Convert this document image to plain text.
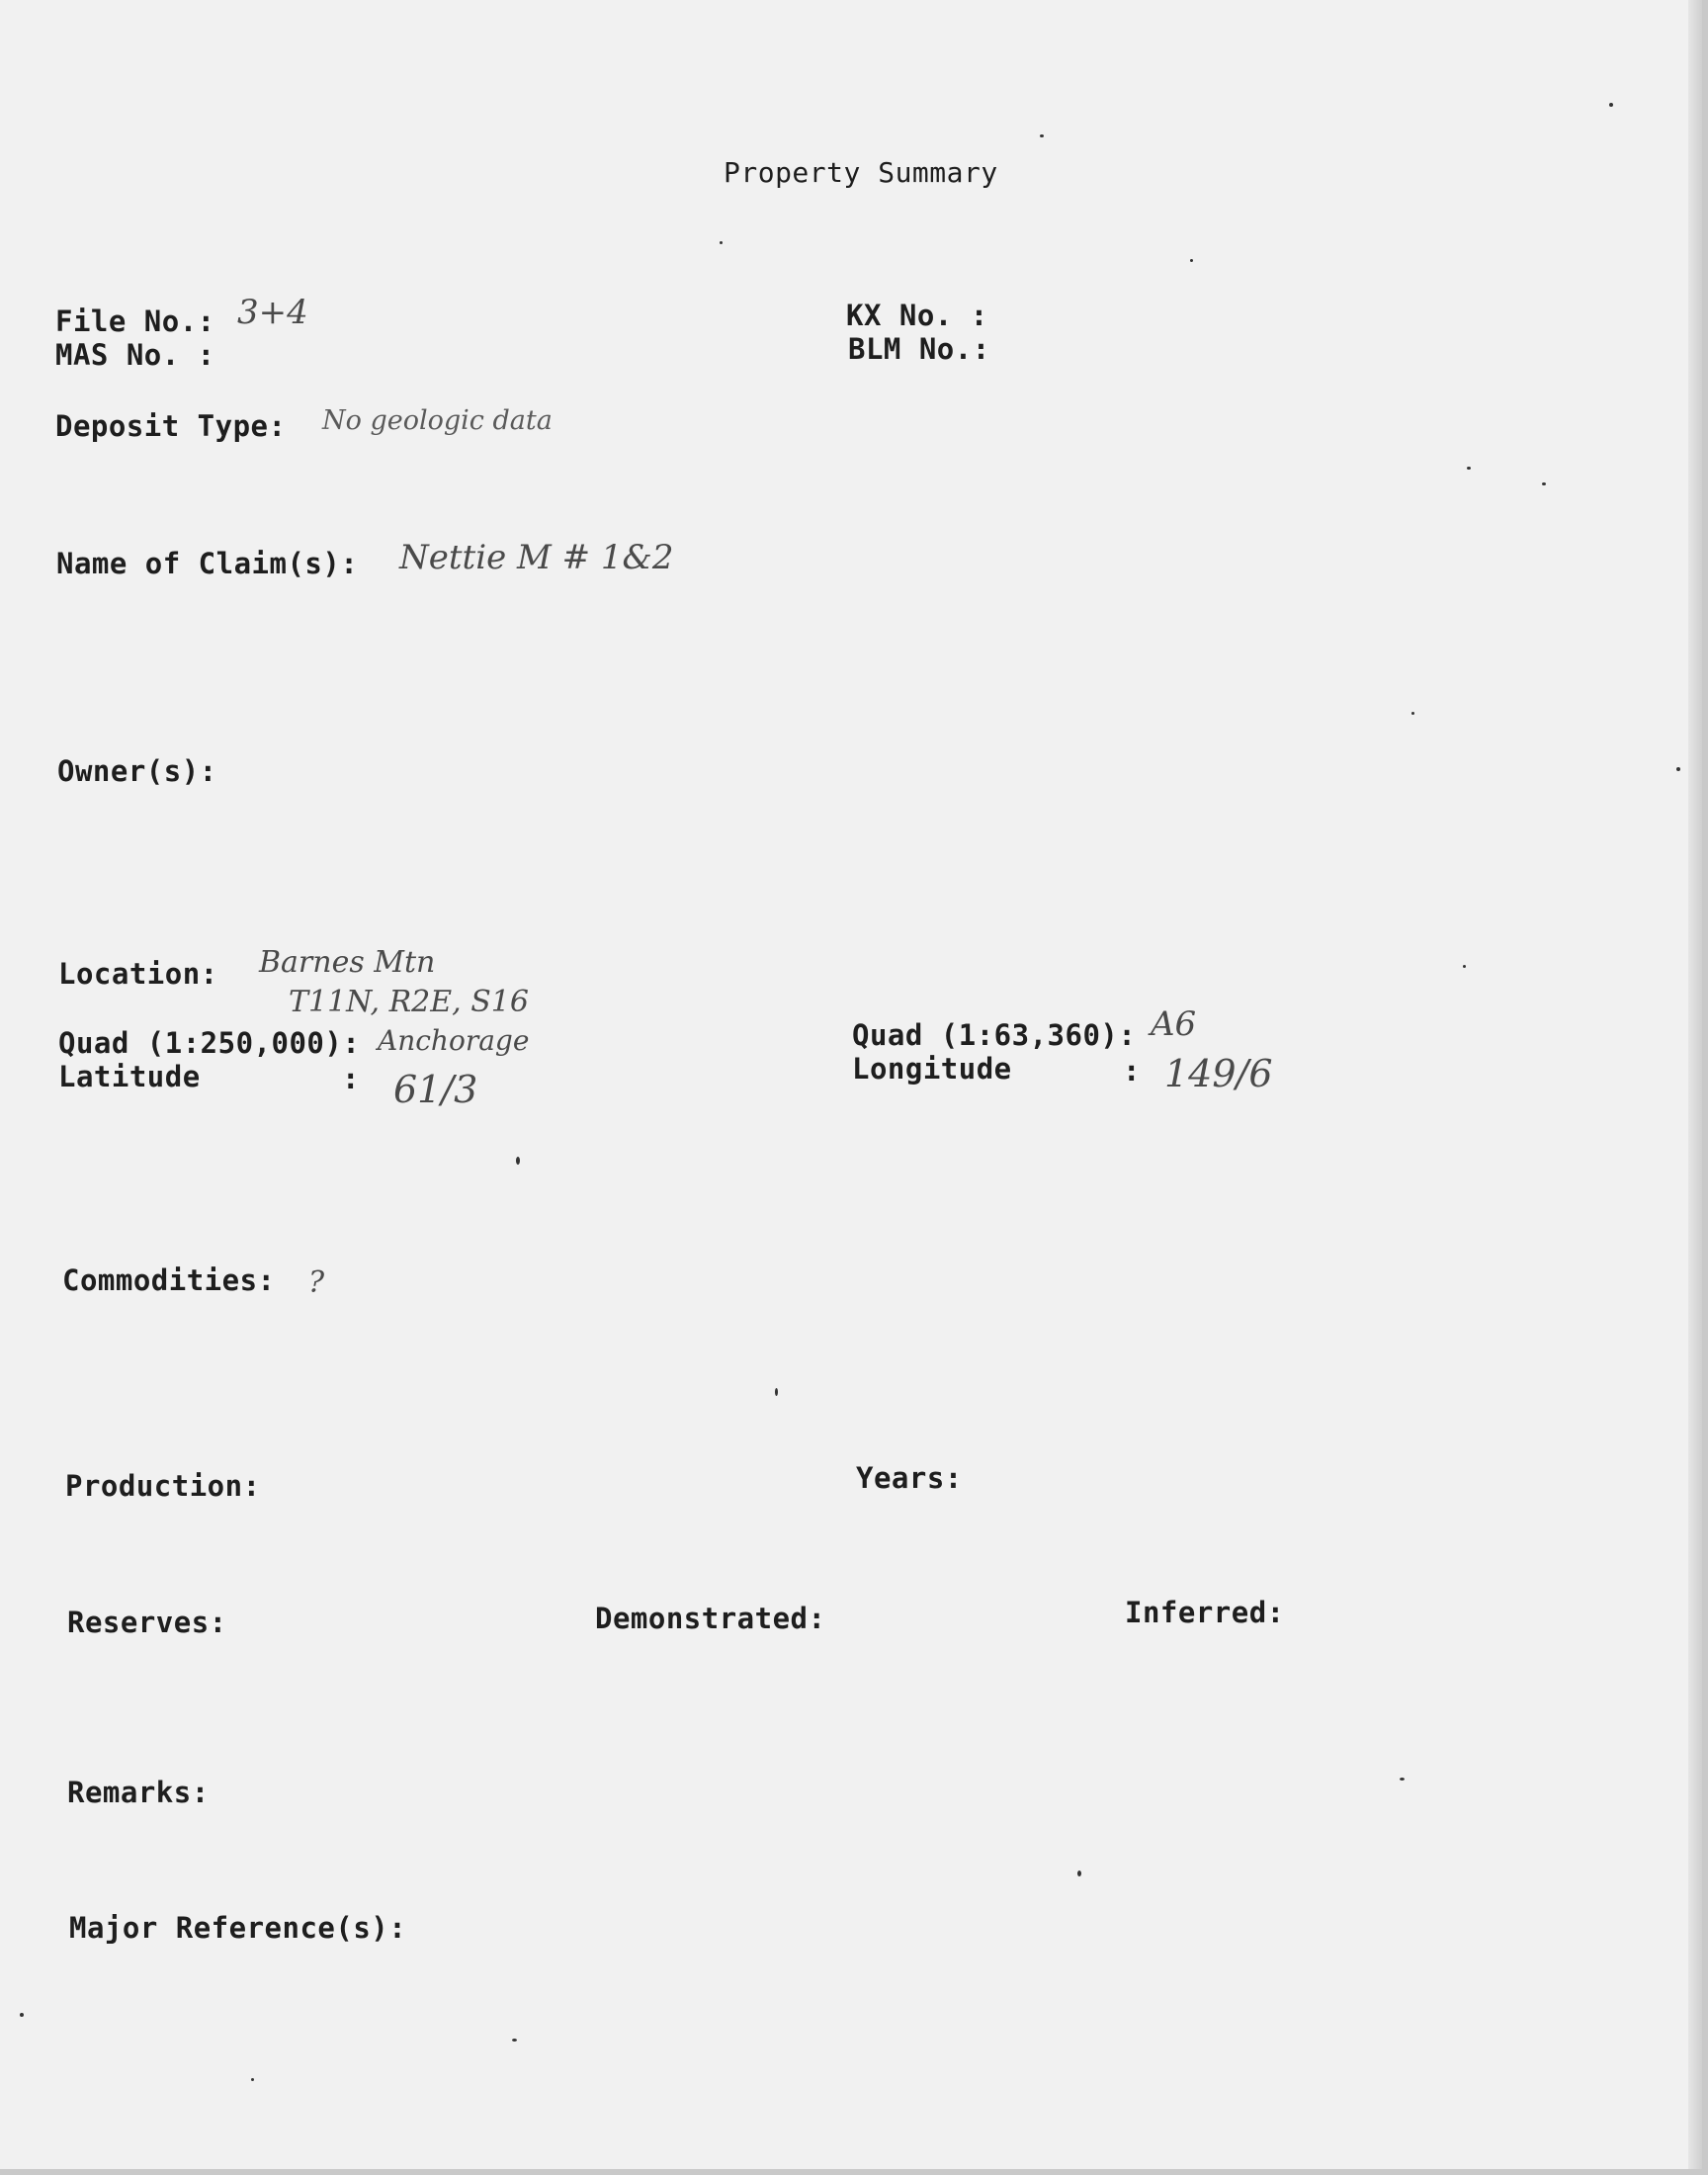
Property Summary
File No.: 3+4
MAS No. :
KX No. :
BLM No.:
Deposit Type: No geologic data
Name of Claim(s): Nettie M # 1&2
Owner(s):
Location: Barnes Mtn
T11N, R2E, S16
Quad (1:250,000): Anchorage	Quad (1:63,360): A6
Latitude	: 61/3	Longitude	: 149/6
Commodities: ?
Production:	Years:
Reserves:	Demonstrated:	Inferred:
Remarks:
Major Reference(s):
